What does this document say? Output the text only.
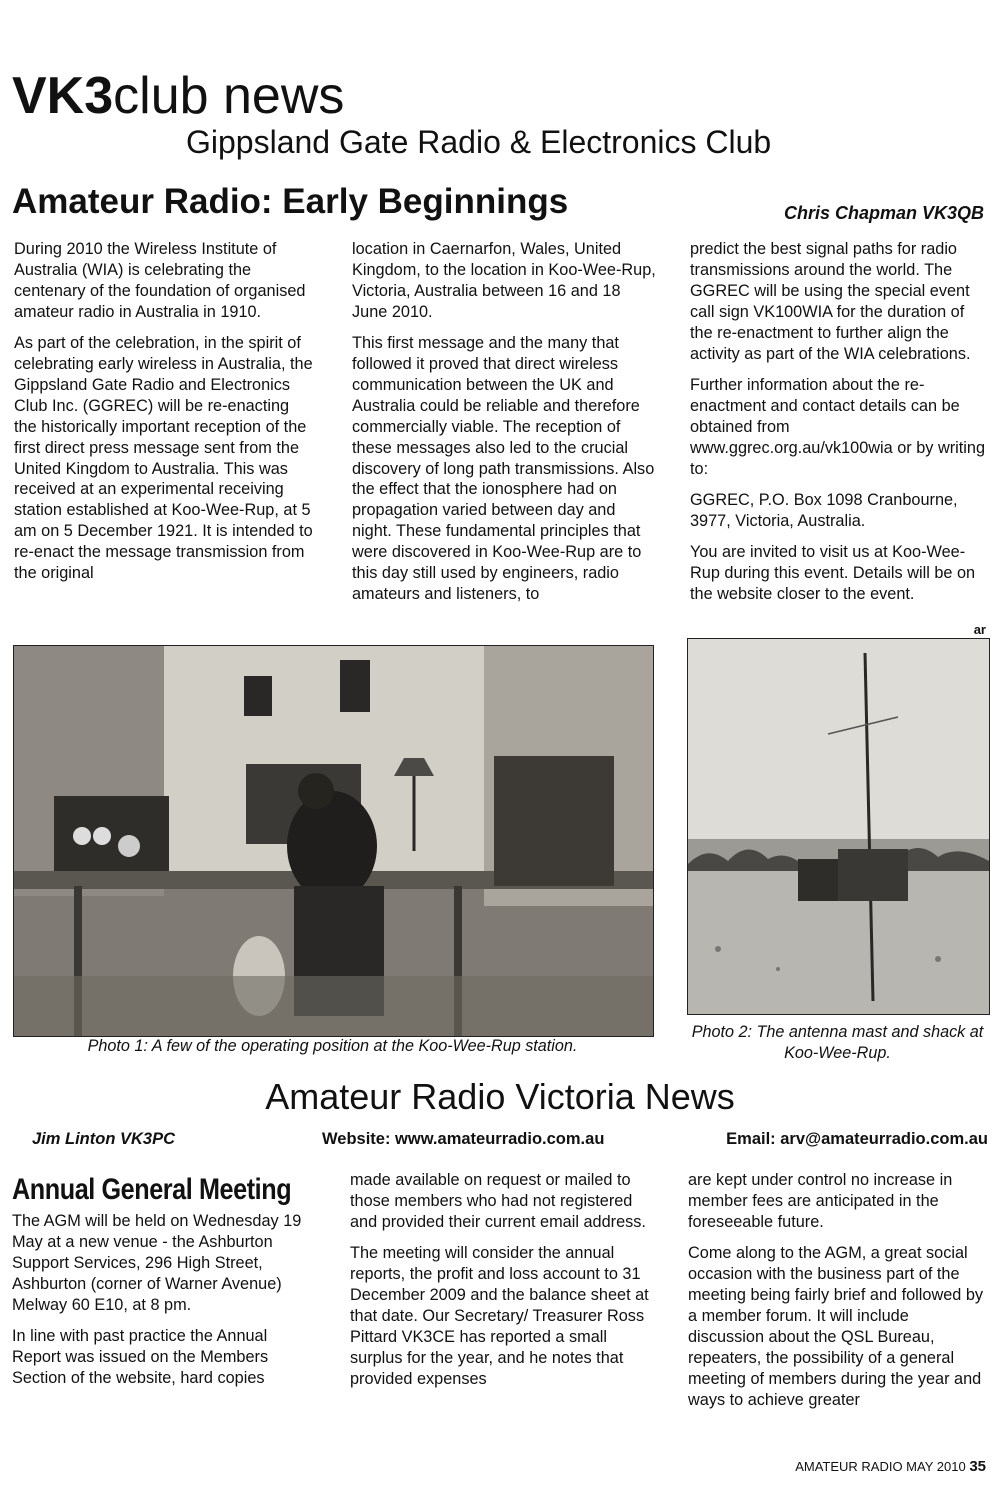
VK3club news
Gippsland Gate Radio & Electronics Club
Amateur Radio: Early Beginnings	Chris Chapman VK3QB

During 2010 the Wireless Institute of Australia (WIA) is celebrating the centenary of the foundation of organised amateur radio in Australia in 1910.

As part of the celebration, in the spirit of celebrating early wireless in Australia, the Gippsland Gate Radio and Electronics Club Inc. (GGREC) will be re-enacting the historically important reception of the first direct press message sent from the United Kingdom to Australia. This was received at an experimental receiving station established at Koo-Wee-Rup, at 5 am on 5 December 1921. It is intended to re-enact the message transmission from the original

location in Caernarfon, Wales, United Kingdom, to the location in Koo-Wee-Rup, Victoria, Australia between 16 and 18 June 2010.

This first message and the many that followed it proved that direct wireless communication between the UK and Australia could be reliable and therefore commercially viable. The reception of these messages also led to the crucial discovery of long path transmissions. Also the effect that the ionosphere had on propagation varied between day and night. These fundamental principles that were discovered in Koo-Wee-Rup are to this day still used by engineers, radio amateurs and listeners, to

predict the best signal paths for radio transmissions around the world. The GGREC will be using the special event call sign VK100WIA for the duration of the re-enactment to further align the activity as part of the WIA celebrations.

Further information about the re-enactment and contact details can be obtained from www.ggrec.org.au/vk100wia or by writing to:

GGREC, P.O. Box 1098 Cranbourne, 3977, Victoria, Australia.

You are invited to visit us at Koo-Wee-Rup during this event. Details will be on the website closer to the event.

ar
Photo 1: A few of the operating position at the Koo-Wee-Rup station.
Photo 2: The antenna mast and shack at Koo-Wee-Rup.
Amateur Radio Victoria News
Jim Linton VK3PC	Website: www.amateurradio.com.au	Email: arv@amateurradio.com.au
Annual General Meeting

The AGM will be held on Wednesday 19 May at a new venue - the Ashburton Support Services, 296 High Street, Ashburton (corner of Warner Avenue) Melway 60 E10, at 8 pm.

In line with past practice the Annual Report was issued on the Members Section of the website, hard copies

made available on request or mailed to those members who had not registered and provided their current email address.

The meeting will consider the annual reports, the profit and loss account to 31 December 2009 and the balance sheet at that date. Our Secretary/ Treasurer Ross Pittard VK3CE has reported a small surplus for the year, and he notes that provided expenses

are kept under control no increase in member fees are anticipated in the foreseeable future.

Come along to the AGM, a great social occasion with the business part of the meeting being fairly brief and followed by a member forum. It will include discussion about the QSL Bureau, repeaters, the possibility of a general meeting of members during the year and ways to achieve greater

AMATEUR RADIO MAY 2010 35
